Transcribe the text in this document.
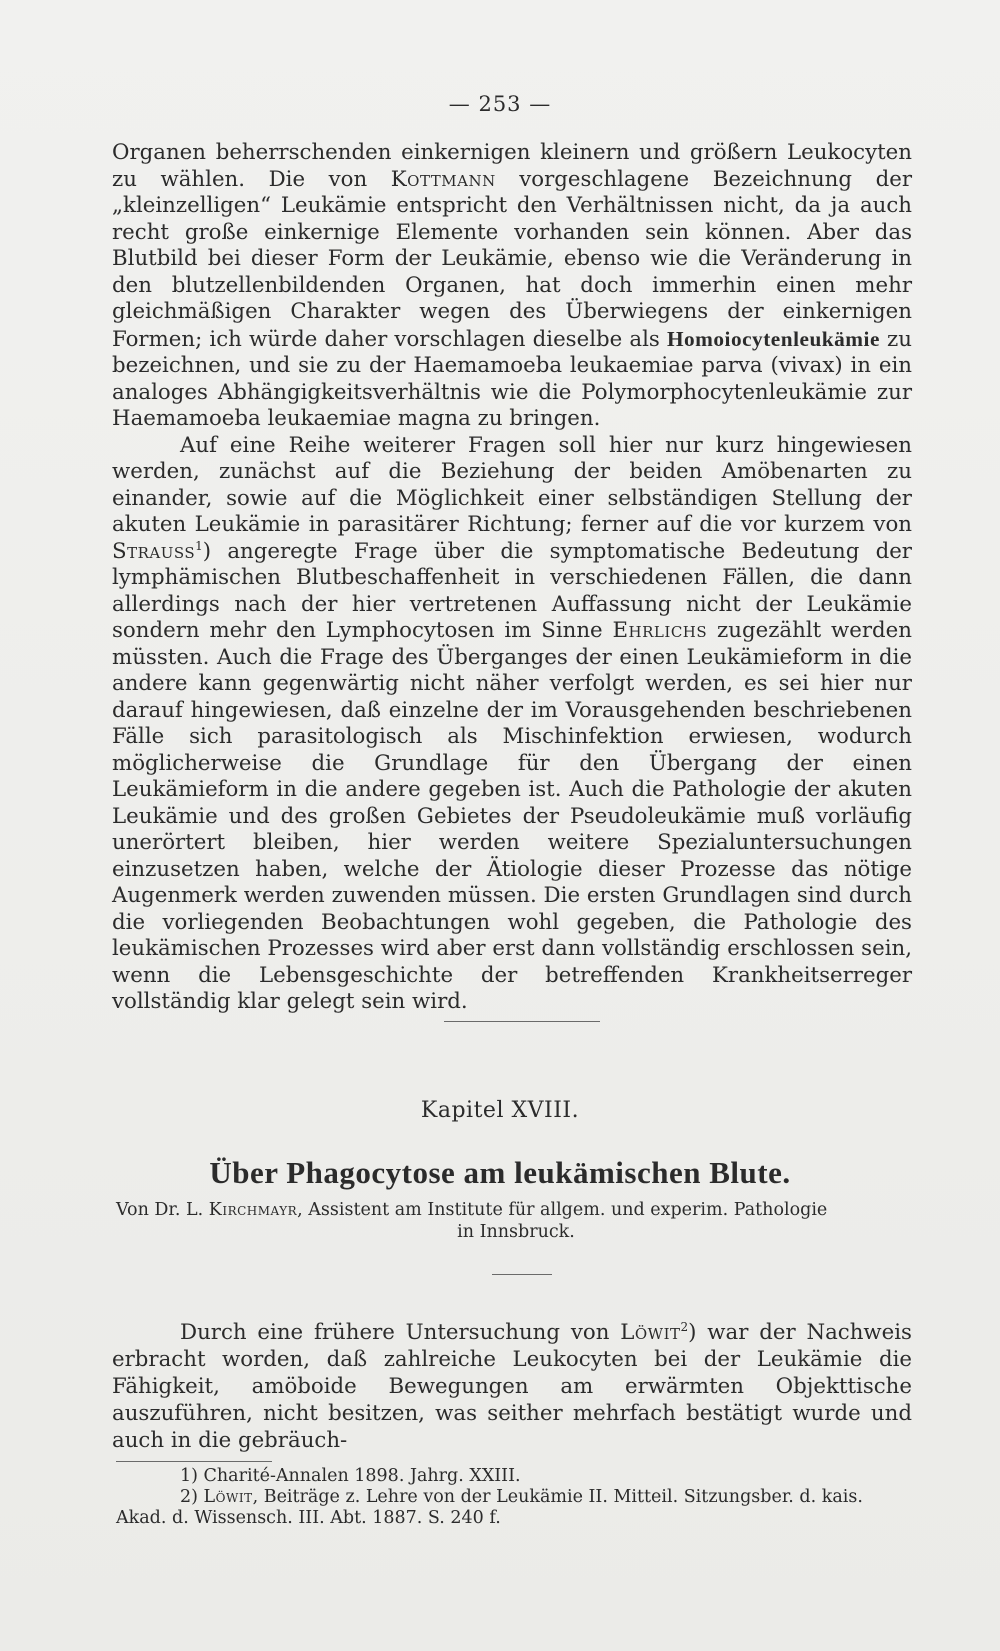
— 253 —

Organen beherrschenden einkernigen kleinern und größern Leukocyten zu wählen. Die von Kottmann vorgeschlagene Bezeichnung der „kleinzelligen“ Leukämie entspricht den Verhältnissen nicht, da ja auch recht große einkernige Elemente vorhanden sein können. Aber das Blutbild bei dieser Form der Leukämie, ebenso wie die Veränderung in den blutzellenbildenden Organen, hat doch immerhin einen mehr gleichmäßigen Charakter wegen des Überwiegens der einkernigen Formen; ich würde daher vorschlagen dieselbe als Homoiocytenleukämie zu bezeichnen, und sie zu der Haemamoeba leukaemiae parva (vivax) in ein analoges Abhängigkeitsverhältnis wie die Polymorphocytenleukämie zur Haemamoeba leukaemiae magna zu bringen.

Auf eine Reihe weiterer Fragen soll hier nur kurz hingewiesen werden, zunächst auf die Beziehung der beiden Amöbenarten zu einander, sowie auf die Möglichkeit einer selbständigen Stellung der akuten Leukämie in parasitärer Richtung; ferner auf die vor kurzem von Strauss$^1$) angeregte Frage über die symptomatische Bedeutung der lymphämischen Blutbeschaffenheit in verschiedenen Fällen, die dann allerdings nach der hier vertretenen Auffassung nicht der Leukämie sondern mehr den Lymphocytosen im Sinne Ehrlichs zugezählt werden müssten. Auch die Frage des Überganges der einen Leukämieform in die andere kann gegenwärtig nicht näher verfolgt werden, es sei hier nur darauf hingewiesen, daß einzelne der im Vorausgehenden beschriebenen Fälle sich parasitologisch als Mischinfektion erwiesen, wodurch möglicherweise die Grundlage für den Übergang der einen Leukämieform in die andere gegeben ist. Auch die Pathologie der akuten Leukämie und des großen Gebietes der Pseudoleukämie muß vorläufig unerörtert bleiben, hier werden weitere Spezialuntersuchungen einzusetzen haben, welche der Ätiologie dieser Prozesse das nötige Augenmerk werden zuwenden müssen. Die ersten Grundlagen sind durch die vorliegenden Beobachtungen wohl gegeben, die Pathologie des leukämischen Prozesses wird aber erst dann vollständig erschlossen sein, wenn die Lebensgeschichte der betreffenden Krankheitserreger vollständig klar gelegt sein wird.

Kapitel XVIII.
Über Phagocytose am leukämischen Blute.
Von Dr. L. Kirchmayr, Assistent am Institute für allgem. und experim. Pathologie
in Innsbruck.

Durch eine frühere Untersuchung von Löwit$^2$) war der Nachweis erbracht worden, daß zahlreiche Leukocyten bei der Leukämie die Fähigkeit, amöboide Bewegungen am erwärmten Objekttische auszuführen, nicht besitzen, was seither mehrfach bestätigt wurde und auch in die gebräuch-

1) Charité-Annalen 1898. Jahrg. XXIII.
2) Löwit, Beiträge z. Lehre von der Leukämie II. Mitteil. Sitzungsber. d. kais.
Akad. d. Wissensch. III. Abt. 1887. S. 240 f.
